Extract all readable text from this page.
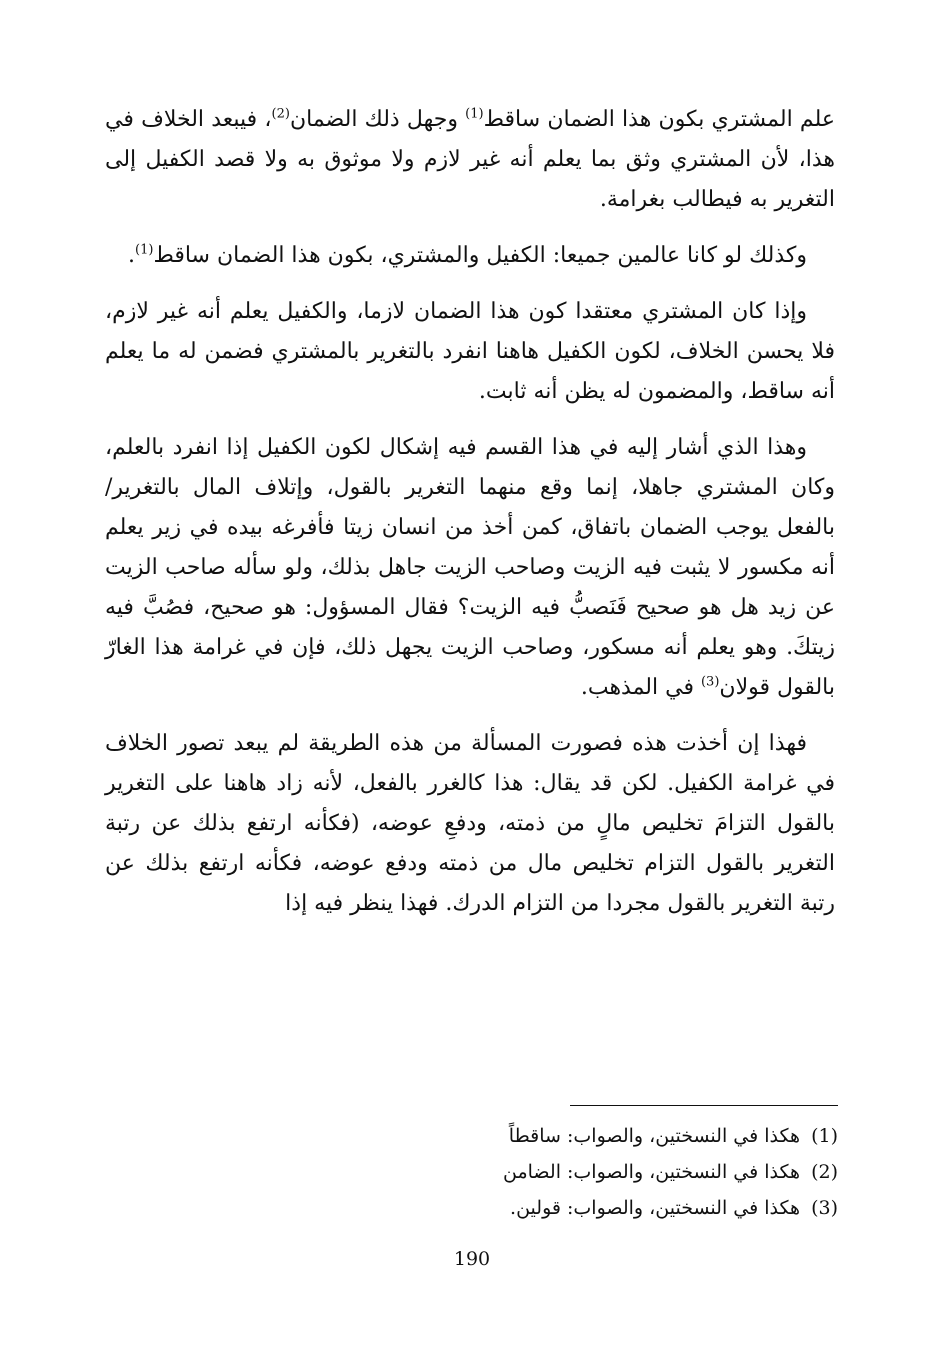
علم المشتري بكون هذا الضمان ساقط$^{(1)}$ وجهل ذلك الضمان$^{(2)}$، فيبعد الخلاف في هذا، لأن المشتري وثق بما يعلم أنه غير لازم ولا موثوق به ولا قصد الكفيل إلى التغرير به فيطالب بغرامة.

وكذلك لو كانا عالمين جميعا: الكفيل والمشتري، بكون هذا الضمان ساقط$^{(1)}$.

وإذا كان المشتري معتقدا كون هذا الضمان لازما، والكفيل يعلم أنه غير لازم، فلا يحسن الخلاف، لكون الكفيل هاهنا انفرد بالتغرير بالمشتري فضمن له ما يعلم أنه ساقط، والمضمون له يظن أنه ثابت.

وهذا الذي أشار إليه في هذا القسم فيه إشكال لكون الكفيل إذا انفرد بالعلم، وكان المشتري جاهلا، إنما وقع منهما التغرير بالقول، وإتلاف المال بالتغرير/ بالفعل يوجب الضمان باتفاق، كمن أخذ من انسان زيتا فأفرغه بيده في زير يعلم أنه مكسور لا يثبت فيه الزيت وصاحب الزيت جاهل بذلك، ولو سأله صاحب الزيت عن زيد هل هو صحيح فَنَصبُّ فيه الزيت؟ فقال المسؤول: هو صحيح، فصُبَّ فيه زيتكَ. وهو يعلم أنه مسكور، وصاحب الزيت يجهل ذلك، فإن في غرامة هذا الغارّ بالقول قولان$^{(3)}$ في المذهب.

فهذا إن أخذت هذه فصورت المسألة من هذه الطريقة لم يبعد تصور الخلاف في غرامة الكفيل. لكن قد يقال: هذا كالغرر بالفعل، لأنه زاد هاهنا على التغرير بالقول التزامَ تخليص مالٍ من ذمته، ودفعِ عوضه، (فكأنه ارتفع بذلك عن رتبة التغرير بالقول التزام تخليص مال من ذمته ودفع عوضه، فكأنه ارتفع بذلك عن رتبة التغرير بالقول مجردا من التزام الدرك. فهذا ينظر فيه إذا

(1)
هكذا في النسختين، والصواب: ساقطاً
(2)
هكذا في النسختين، والصواب: الضامن
(3)
هكذا في النسختين، والصواب: قولين.
190
